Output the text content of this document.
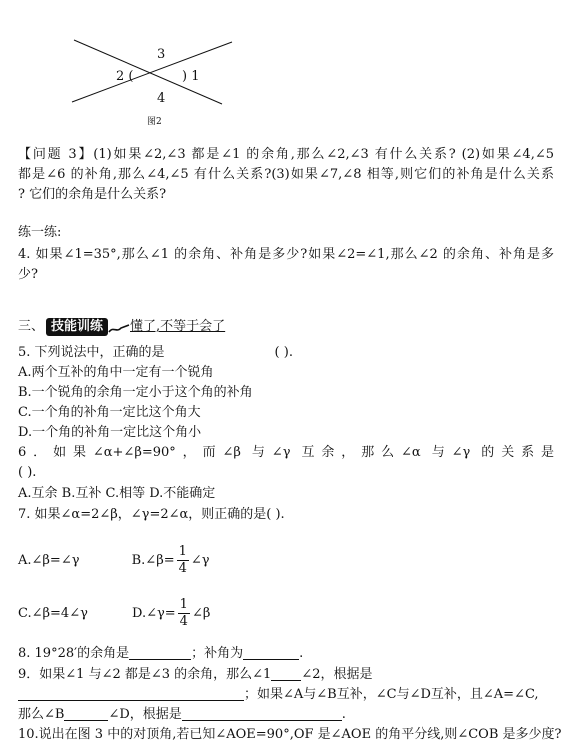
3
2 (	) 1
4
图2
【问题 3】(1)如果∠2,∠3 都是∠1 的余角,那么∠2,∠3 有什么关系? (2)如果∠4,∠5
都是∠6 的补角,那么∠4,∠5 有什么关系?(3)如果∠7,∠8 相等,则它们的补角是什么关系
? 它们的余角是什么关系?
练一练:
4. 如果∠1=35°,那么∠1 的余角、补角是多少?如果∠2=∠1,那么∠2 的余角、补角是多
少?
三、 技能训练 懂了,不等于会了
5. 下列说法中，正确的是	( ).
A.两个互补的角中一定有一个锐角
B.一个锐角的余角一定小于这个角的补角
C.一个角的补角一定比这个角大
D.一个角的补角一定比这个角小
6．如果∠α+∠β=90°，而∠β 与∠γ 互余，那么∠α 与∠γ 的关系是
( ).
A.互余 B.互补 C.相等 D.不能确定
7. 如果∠α=2∠β，∠γ=2∠α，则正确的是( ).
A.∠β=∠γ	B.∠β= $\frac{1}{4}$ ∠γ
C.∠β=4∠γ	D.∠γ= $\frac{1}{4}$ ∠β
8. 19°28′的余角是	；补角为	.
9．如果∠1 与∠2 都是∠3 的余角，那么∠1 ∠2，根据是
；如果∠A与∠B互补，∠C与∠D互补，且∠A=∠C,
那么∠B	∠D，根据是	.
10.说出在图 3 中的对顶角,若已知∠AOE=90°,OF 是∠AOE 的角平分线,则∠COB 是多少度?
